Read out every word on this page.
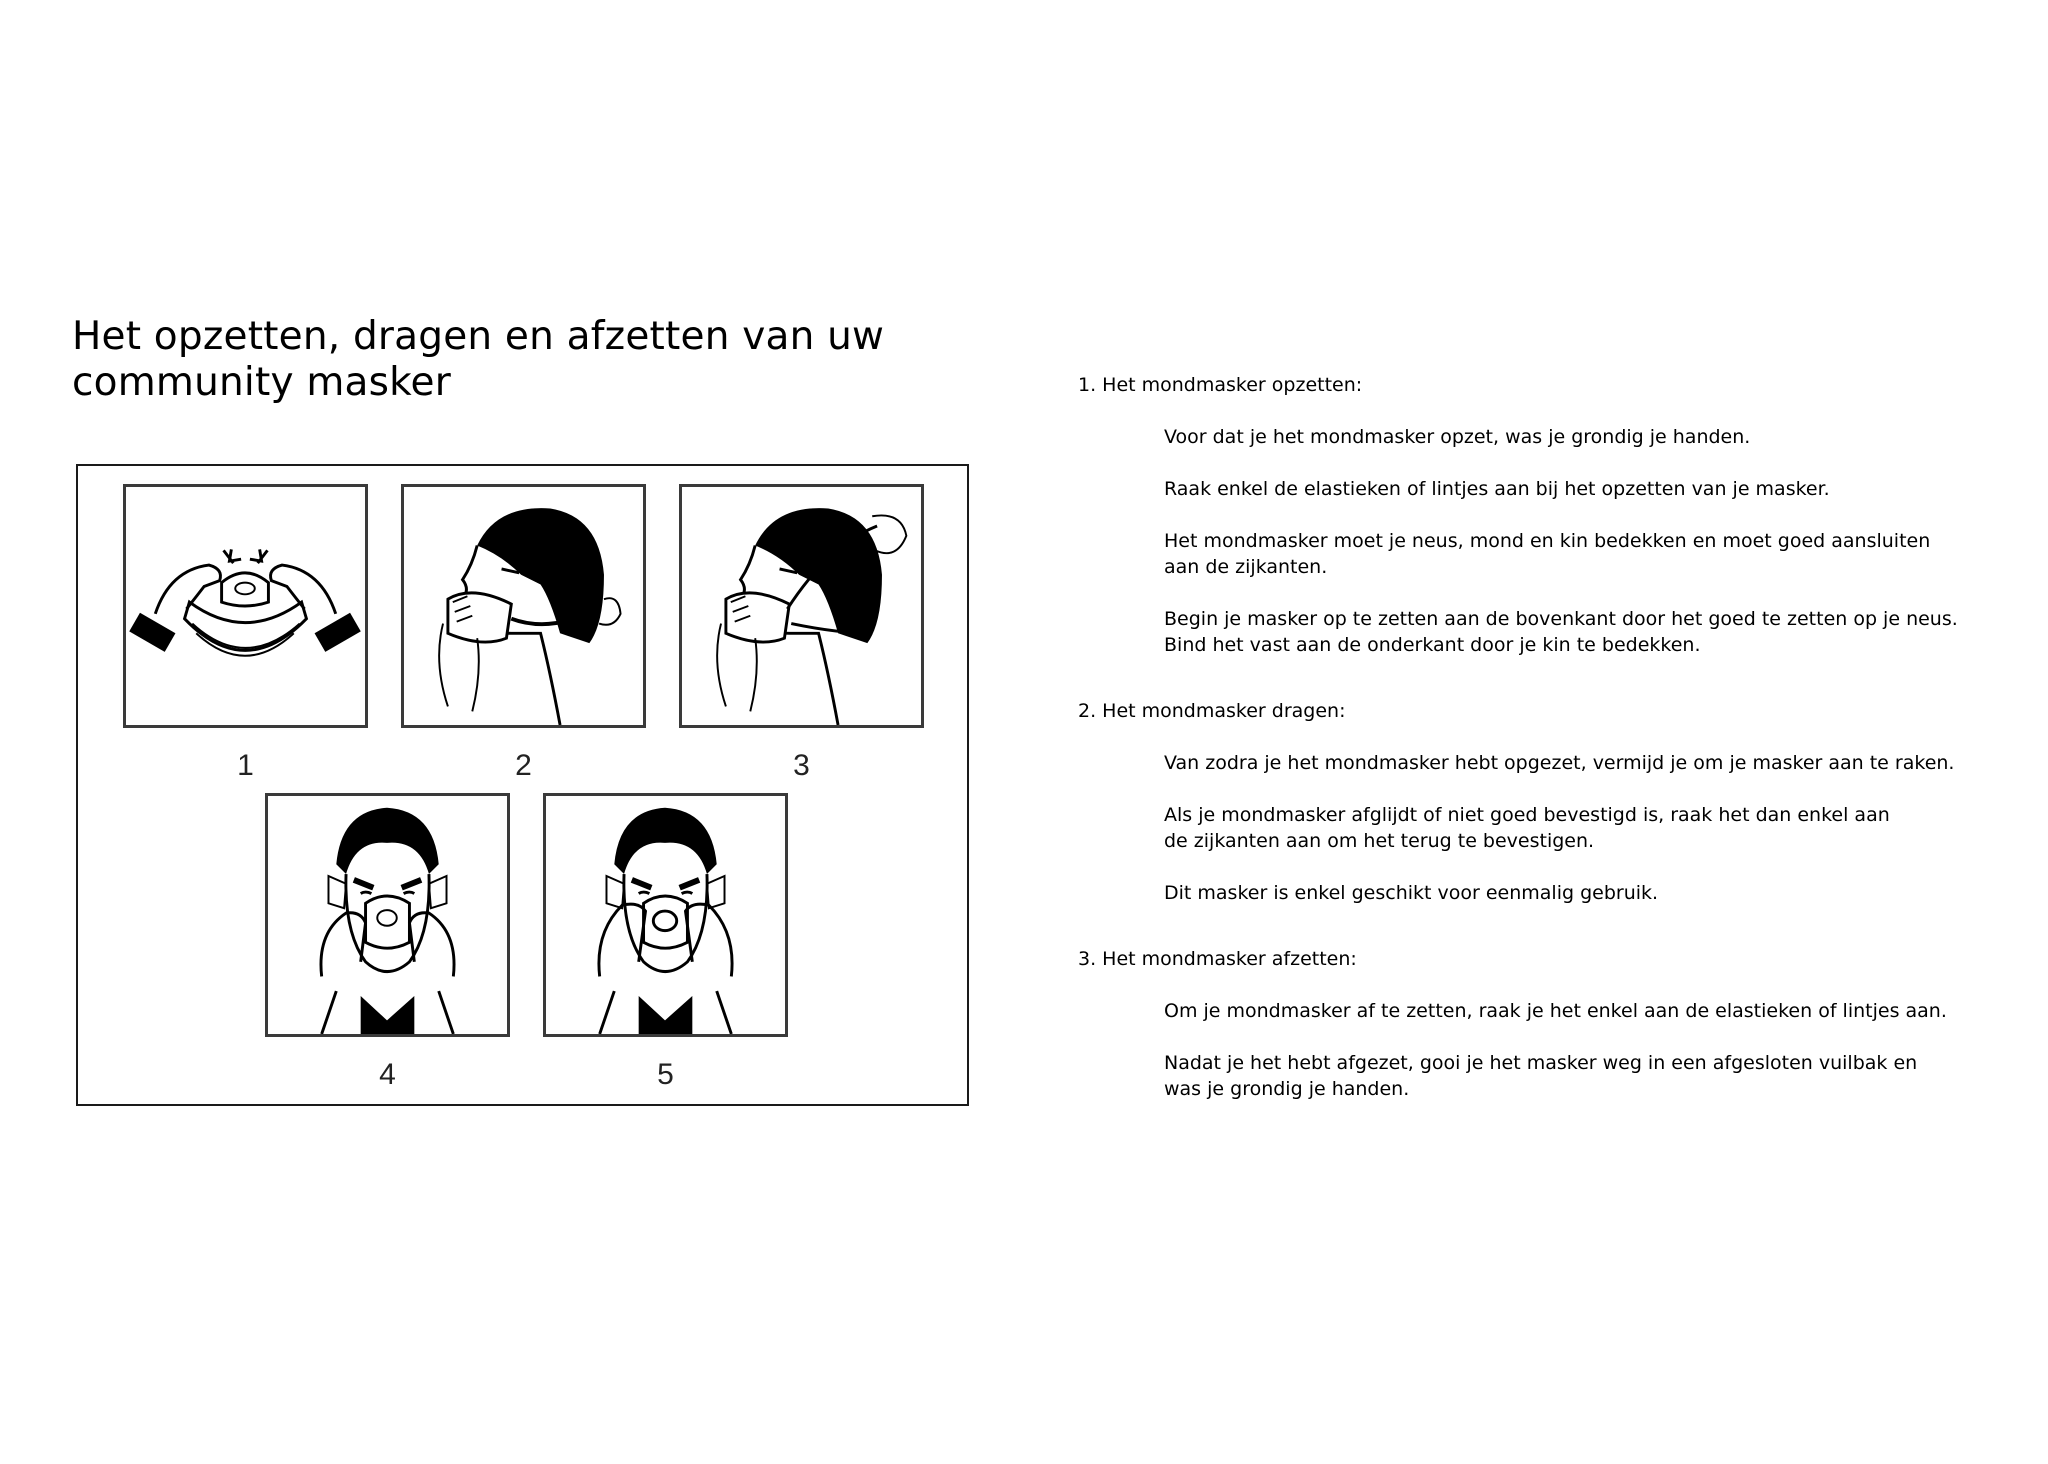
Het opzetten, dragen en afzetten van uw community masker
1	2	3
4	5
1. Het mondmasker opzetten:

Voor dat je het mondmasker opzet, was je grondig je handen.

Raak enkel de elastieken of lintjes aan bij het opzetten van je masker.

Het mondmasker moet je neus, mond en kin bedekken en moet goed aansluiten
aan de zijkanten.

Begin je masker op te zetten aan de bovenkant door het goed te zetten op je neus.
Bind het vast aan de onderkant door je kin te bedekken.

2. Het mondmasker dragen:

Van zodra je het mondmasker hebt opgezet, vermijd je om je masker aan te raken.

Als je mondmasker afglijdt of niet goed bevestigd is, raak het dan enkel aan
de zijkanten aan om het terug te bevestigen.

Dit masker is enkel geschikt voor eenmalig gebruik.

3. Het mondmasker afzetten:

Om je mondmasker af te zetten, raak je het enkel aan de elastieken of lintjes aan.

Nadat je het hebt afgezet, gooi je het masker weg in een afgesloten vuilbak en
was je grondig je handen.
